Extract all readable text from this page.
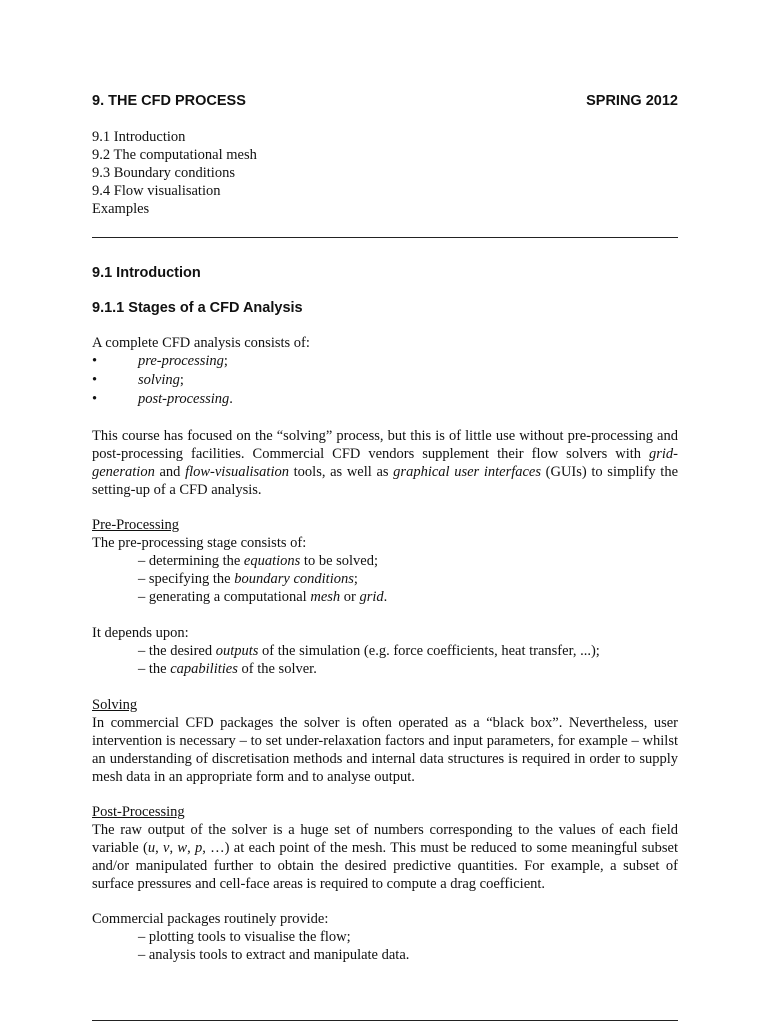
9. THE CFD PROCESS	SPRING 2012
9.1 Introduction
9.2 The computational mesh
9.3 Boundary conditions
9.4 Flow visualisation
Examples
9.1 Introduction
9.1.1 Stages of a CFD Analysis
A complete CFD analysis consists of:
•	pre-processing;
•	solving;
•	post-processing.
This course has focused on the “solving” process, but this is of little use without pre-processing and post-processing facilities. Commercial CFD vendors supplement their flow solvers with grid-generation and flow-visualisation tools, as well as graphical user interfaces (GUIs) to simplify the setting-up of a CFD analysis.
Pre-Processing
The pre-processing stage consists of:
– determining the equations to be solved;
– specifying the boundary conditions;
– generating a computational mesh or grid.
It depends upon:
– the desired outputs of the simulation (e.g. force coefficients, heat transfer, ...);
– the capabilities of the solver.
Solving
In commercial CFD packages the solver is often operated as a “black box”. Nevertheless, user intervention is necessary – to set under-relaxation factors and input parameters, for example – whilst an understanding of discretisation methods and internal data structures is required in order to supply mesh data in an appropriate form and to analyse output.
Post-Processing
The raw output of the solver is a huge set of numbers corresponding to the values of each field variable (u, v, w, p, …) at each point of the mesh. This must be reduced to some meaningful subset and/or manipulated further to obtain the desired predictive quantities. For example, a subset of surface pressures and cell-face areas is required to compute a drag coefficient.
Commercial packages routinely provide:
– plotting tools to visualise the flow;
– analysis tools to extract and manipulate data.
